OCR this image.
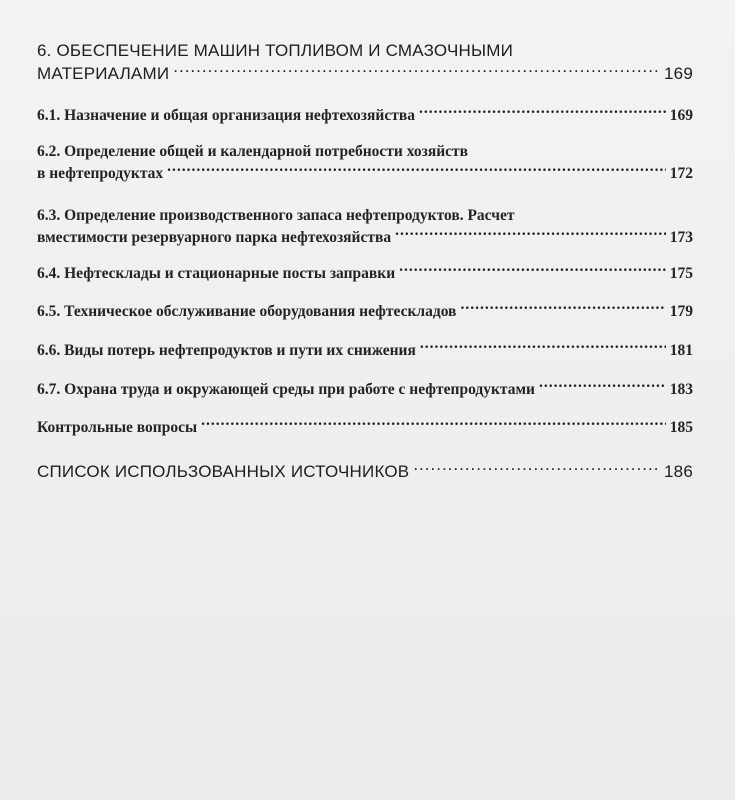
6. ОБЕСПЕЧЕНИЕ МАШИН ТОПЛИВОМ И СМАЗОЧНЫМИ
МАТЕРИАЛАМИ .....	169
6.1. Назначение и общая организация нефтехозяйства .....	169
6.2. Определение общей и календарной потребности хозяйств
в нефтепродуктах .....	172
6.3. Определение производственного запаса нефтепродуктов. Расчет
вместимости резервуарного парка нефтехозяйства .....	173
6.4. Нефтесклады и стационарные посты заправки .....	175
6.5. Техническое обслуживание оборудования нефтескладов .....	179
6.6. Виды потерь нефтепродуктов и пути их снижения .....	181
6.7. Охрана труда и окружающей среды при работе с нефтепродуктами .....	183
Контрольные вопросы .....	185
СПИСОК ИСПОЛЬЗОВАННЫХ ИСТОЧНИКОВ .....	186
